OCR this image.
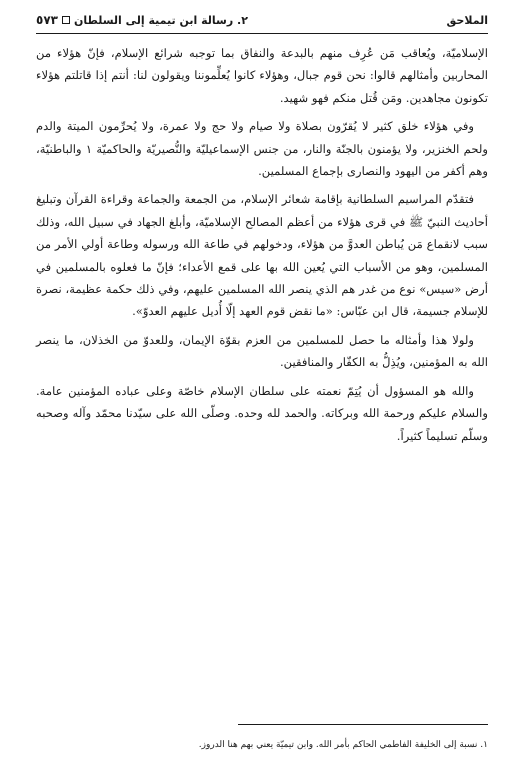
الملاحق
٢. رسالة ابن تيمية إلى السلطان
٥٧٣

الإسلاميّة، ويُعاقب مَن عُرِف منهم بالبدعة والنفاق بما توجبه شرائع الإسلام، فإنّ هؤلاء من المحاربين وأمثالهم قالوا: نحن قوم جبال، وهؤلاء كانوا يُعلِّموننا ويقولون لنا: أنتم إذا قاتلتم هؤلاء تكونون مجاهدين. ومَن قُتل منكم فهو شهيد.

وفي هؤلاء خلق كثير لا يُقرّون بصلاة ولا صيام ولا حج ولا عمرة، ولا يُحرِّمون الميتة والدم ولحم الخنزير، ولا يؤمنون بالجنّة والنار، من جنس الإسماعيليّة والنُّصيريّة والحاكميّة ١ والباطنيّة، وهم أكفر من اليهود والنصارى بإجماع المسلمين.

فتقدّم المراسيم السلطانية بإقامة شعائر الإسلام، من الجمعة والجماعة وقراءة القرآن وتبليغ أحاديث النبيّ ﷺ في قرى هؤلاء من أعظم المصالح الإسلاميّة، وأبلغ الجهاد في سبيل الله، وذلك سبب لانقماع مَن يُباطن العدوَّ من هؤلاء، ودخولهم في طاعة الله ورسوله وطاعة أولي الأمر من المسلمين، وهو من الأسباب التي يُعين الله بها على قمع الأعداء؛ فإنّ ما فعلوه بالمسلمين في أرض «سيس» نوع من غدر هم الذي ينصر الله المسلمين عليهم، وفي ذلك حكمة عظيمة، نصرة للإسلام جسيمة، قال ابن عبّاس: «ما نقض قوم العهد إلّا أُديل عليهم العدوّ».

ولولا هذا وأمثاله ما حصل للمسلمين من العزم بقوّة الإيمان، وللعدوّ من الخذلان، ما ينصر الله به المؤمنين، ويُذِلُّ به الكفّار والمنافقين.

والله هو المسؤول أن يُتِمّ نعمته على سلطان الإسلام خاصّة وعلى عباده المؤمنين عامة. والسلام عليكم ورحمة الله وبركاته. والحمد لله وحده. وصلّى الله على سيّدنا محمّد وآله وصحبه وسلّم تسليماً كثيراً.

١. نسبة إلى الخليفة الفاطمي الحاكم بأمر الله. وابن تيميّة يعني بهم هنا الدروز.
